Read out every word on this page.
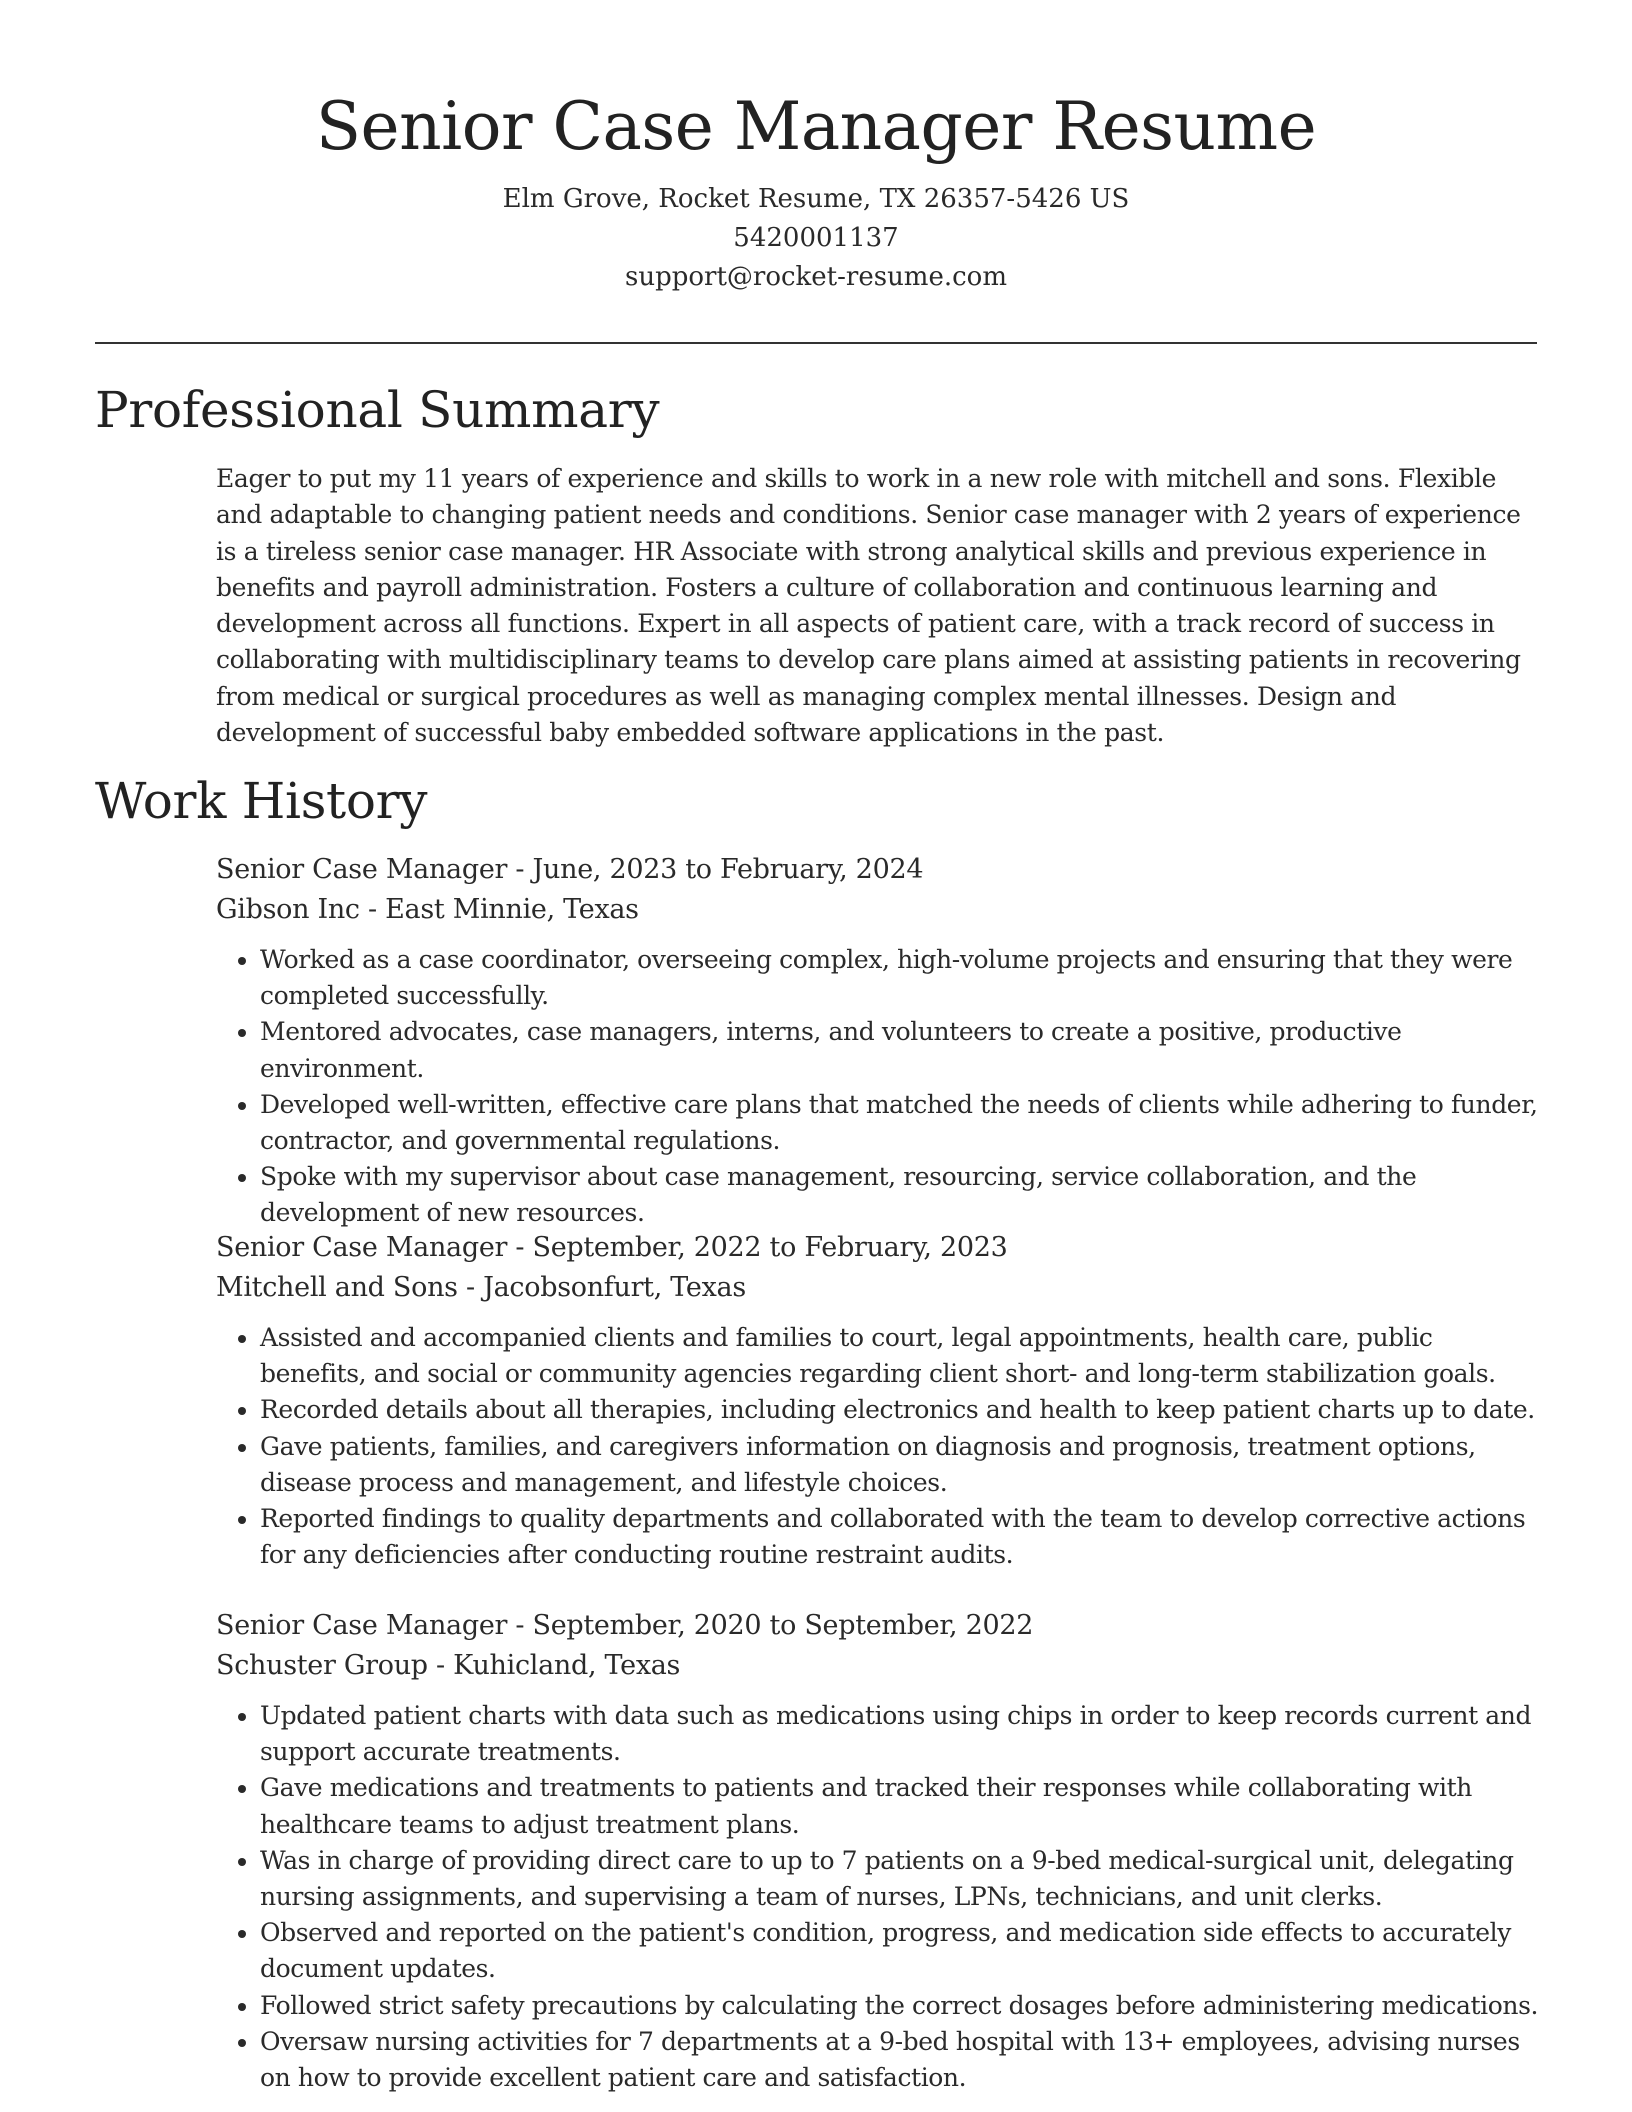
Senior Case Manager Resume
Elm Grove, Rocket Resume, TX 26357-5426 US
5420001137
support@rocket-resume.com
Professional Summary

Eager to put my 11 years of experience and skills to work in a new role with mitchell and sons. Flexible and adaptable to changing patient needs and conditions. Senior case manager with 2 years of experience is a tireless senior case manager. HR Associate with strong analytical skills and previous experience in benefits and payroll administration. Fosters a culture of collaboration and continuous learning and development across all functions. Expert in all aspects of patient care, with a track record of success in collaborating with multidisciplinary teams to develop care plans aimed at assisting patients in recovering from medical or surgical procedures as well as managing complex mental illnesses. Design and development of successful baby embedded software applications in the past.

Work History
Senior Case Manager - June, 2023 to February, 2024
Gibson Inc - East Minnie, Texas
• Worked as a case coordinator, overseeing complex, high-volume projects and ensuring that they were completed successfully.
• Mentored advocates, case managers, interns, and volunteers to create a positive, productive environment.
• Developed well-written, effective care plans that matched the needs of clients while adhering to funder, contractor, and governmental regulations.
• Spoke with my supervisor about case management, resourcing, service collaboration, and the development of new resources.
Senior Case Manager - September, 2022 to February, 2023
Mitchell and Sons - Jacobsonfurt, Texas
• Assisted and accompanied clients and families to court, legal appointments, health care, public benefits, and social or community agencies regarding client short- and long-term stabilization goals.
• Recorded details about all therapies, including electronics and health to keep patient charts up to date.
• Gave patients, families, and caregivers information on diagnosis and prognosis, treatment options, disease process and management, and lifestyle choices.
• Reported findings to quality departments and collaborated with the team to develop corrective actions for any deficiencies after conducting routine restraint audits.
Senior Case Manager - September, 2020 to September, 2022
Schuster Group - Kuhicland, Texas
• Updated patient charts with data such as medications using chips in order to keep records current and support accurate treatments.
• Gave medications and treatments to patients and tracked their responses while collaborating with healthcare teams to adjust treatment plans.
• Was in charge of providing direct care to up to 7 patients on a 9-bed medical-surgical unit, delegating nursing assignments, and supervising a team of nurses, LPNs, technicians, and unit clerks.
• Observed and reported on the patient's condition, progress, and medication side effects to accurately document updates.
• Followed strict safety precautions by calculating the correct dosages before administering medications.
• Oversaw nursing activities for 7 departments at a 9-bed hospital with 13+ employees, advising nurses on how to provide excellent patient care and satisfaction.
